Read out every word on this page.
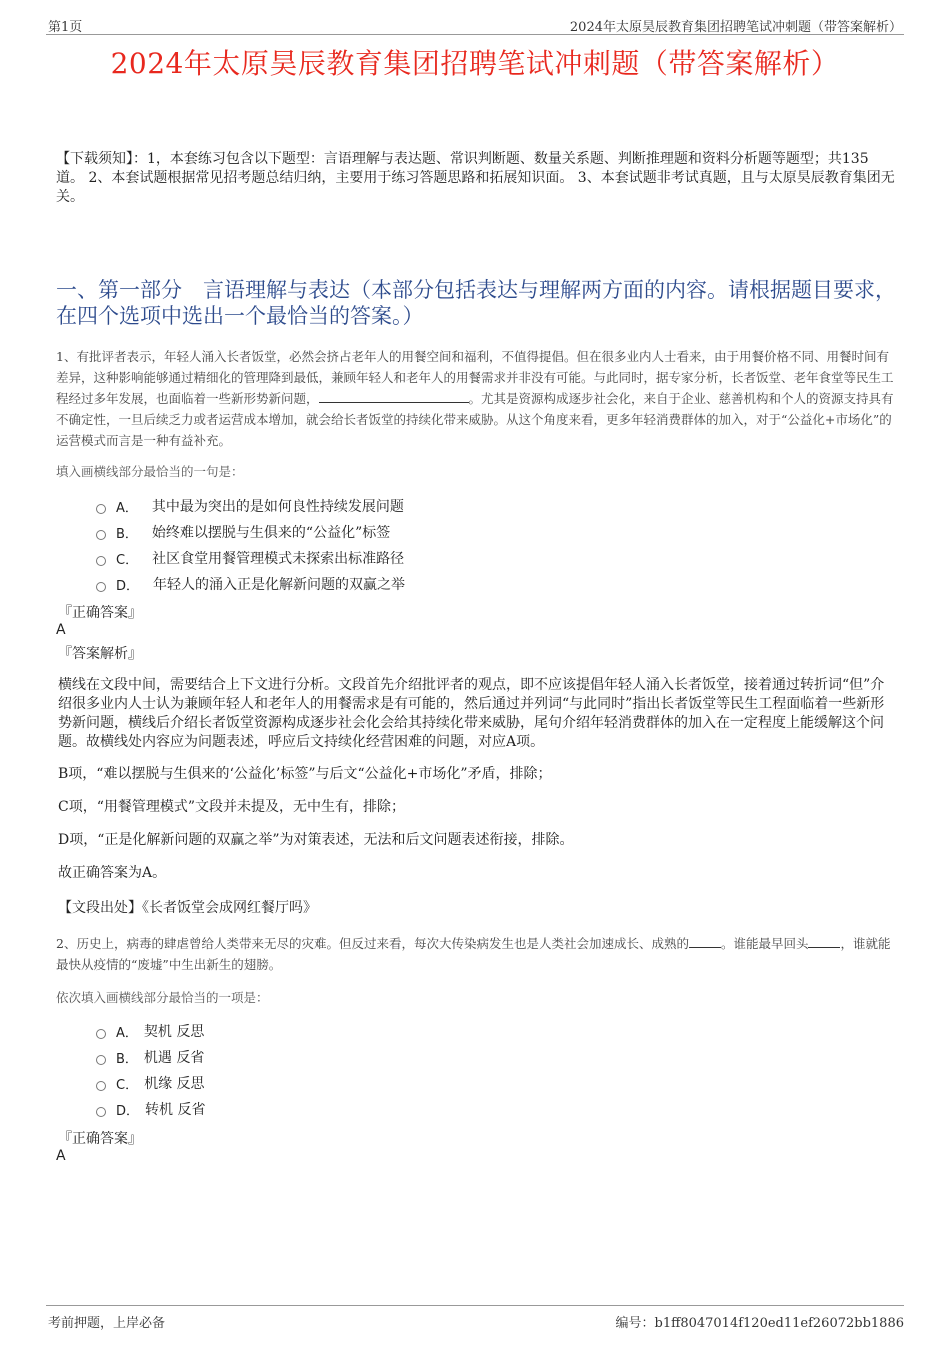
第1页	2024年太原昊辰教育集团招聘笔试冲刺题（带答案解析）
2024年太原昊辰教育集团招聘笔试冲刺题（带答案解析）
【下载须知】：1，本套练习包含以下题型：言语理解与表达题、常识判断题、数量关系题、判断推理题和资料分析题等题型；共135道。 2、本套试题根据常见招考题总结归纳，主要用于练习答题思路和拓展知识面。 3、本套试题非考试真题，且与太原昊辰教育集团无关。
一、第一部分　言语理解与表达（本部分包括表达与理解两方面的内容。请根据题目要求，在四个选项中选出一个最恰当的答案。）
1、有批评者表示，年轻人涌入长者饭堂，必然会挤占老年人的用餐空间和福利，不值得提倡。但在很多业内人士看来，由于用餐价格不同、用餐时间有差异，这种影响能够通过精细化的管理降到最低，兼顾年轻人和老年人的用餐需求并非没有可能。与此同时，据专家分析，长者饭堂、老年食堂等民生工程经过多年发展，也面临着一些新形势新问题，	。尤其是资源构成逐步社会化，来自于企业、慈善机构和个人的资源支持具有不确定性，一旦后续乏力或者运营成本增加，就会给长者饭堂的持续化带来威胁。从这个角度来看，更多年轻消费群体的加入，对于“公益化+市场化”的运营模式而言是一种有益补充。
填入画横线部分最恰当的一句是：
A． 其中最为突出的是如何良性持续发展问题
B． 始终难以摆脱与生俱来的“公益化”标签
C． 社区食堂用餐管理模式未探索出标准路径
D． 年轻人的涌入正是化解新问题的双赢之举
『正确答案』
A
『答案解析』
横线在文段中间，需要结合上下文进行分析。文段首先介绍批评者的观点，即不应该提倡年轻人涌入长者饭堂，接着通过转折词“但”介绍很多业内人士认为兼顾年轻人和老年人的用餐需求是有可能的，然后通过并列词“与此同时”指出长者饭堂等民生工程面临着一些新形势新问题，横线后介绍长者饭堂资源构成逐步社会化会给其持续化带来威胁，尾句介绍年轻消费群体的加入在一定程度上能缓解这个问题。故横线处内容应为问题表述，呼应后文持续化经营困难的问题，对应A项。
B项，“难以摆脱与生俱来的‘公益化’标签”与后文“公益化+市场化”矛盾，排除；
C项，“用餐管理模式”文段并未提及，无中生有，排除；
D项，“正是化解新问题的双赢之举”为对策表述，无法和后文问题表述衔接，排除。
故正确答案为A。
【文段出处】《长者饭堂会成网红餐厅吗》
2、历史上，病毒的肆虐曾给人类带来无尽的灾难。但反过来看，每次大传染病发生也是人类社会加速成长、成熟的	。谁能最早回头	，谁就能最快从疫情的“废墟”中生出新生的翅膀。
依次填入画横线部分最恰当的一项是：
A． 契机 反思
B． 机遇 反省
C． 机缘 反思
D． 转机 反省
『正确答案』
A
考前押题，上岸必备	编号：b1ff8047014f120ed11ef26072bb1886
